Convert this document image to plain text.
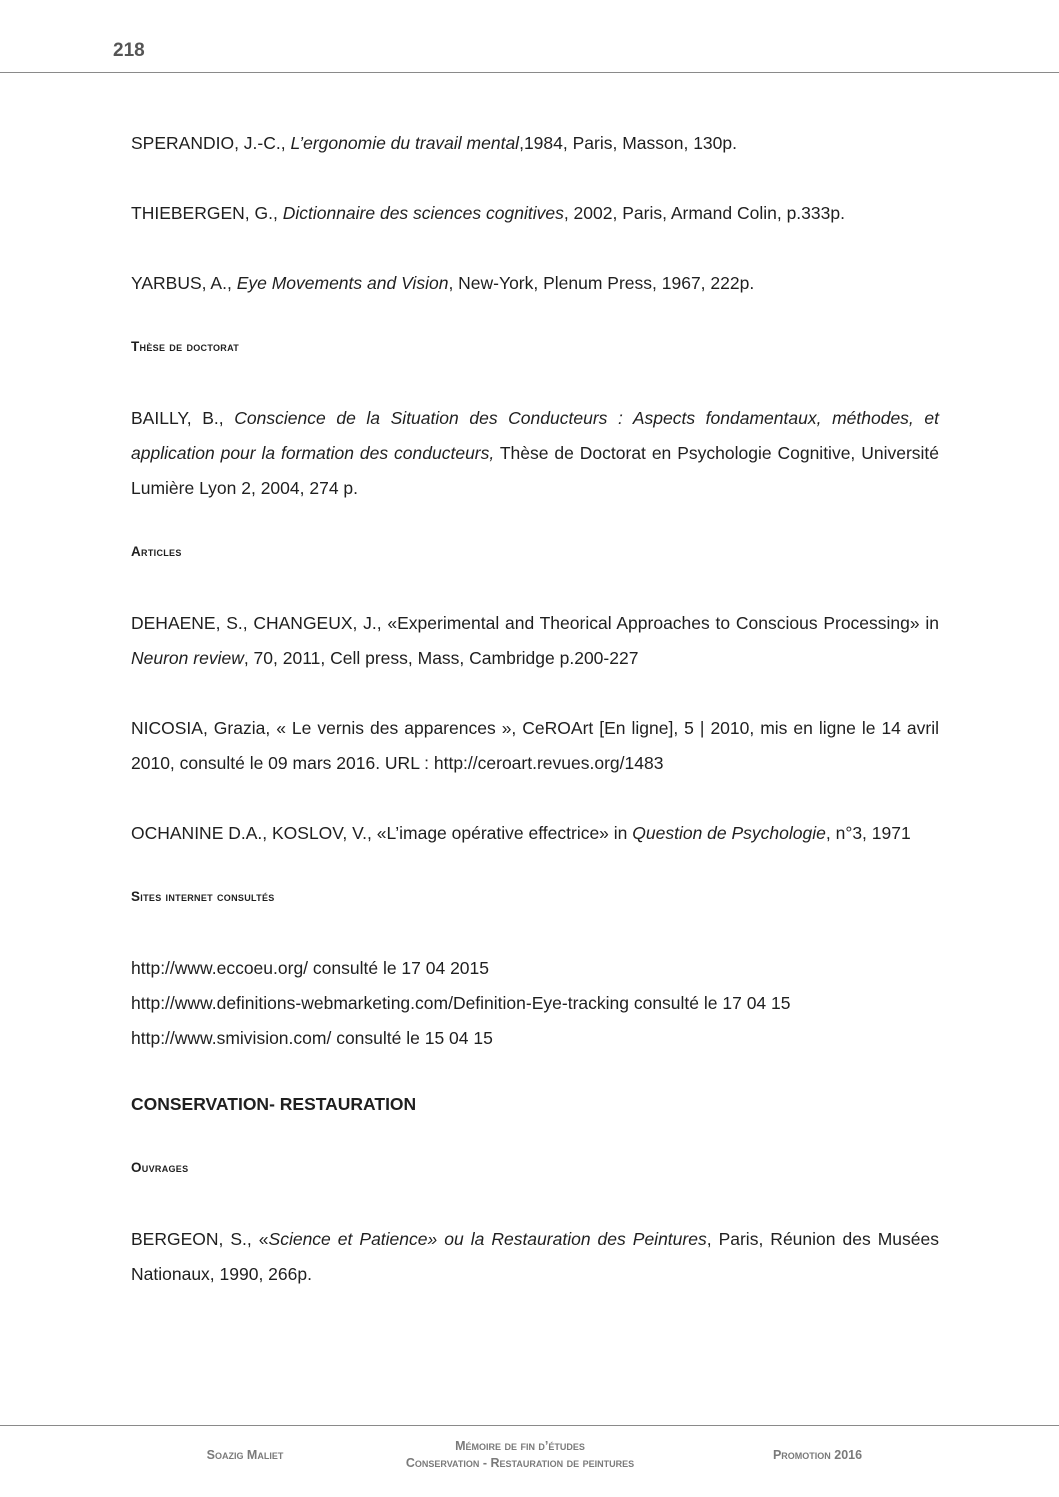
218

SPERANDIO, J.-C., L’ergonomie du travail mental,1984, Paris, Masson, 130p.

THIEBERGEN, G., Dictionnaire des sciences cognitives, 2002, Paris, Armand Colin, p.333p.

YARBUS, A., Eye Movements and Vision, New-York, Plenum Press, 1967, 222p.

Thèse de doctorat

BAILLY, B., Conscience de la Situation des Conducteurs : Aspects fondamentaux, méthodes, et application pour la formation des conducteurs, Thèse de Doctorat en Psychologie Cognitive, Université Lumière Lyon 2, 2004, 274 p.

Articles

DEHAENE, S., CHANGEUX, J., «Experimental and Theorical Approaches to Conscious Processing» in Neuron review, 70, 2011, Cell press, Mass, Cambridge p.200-227

NICOSIA, Grazia, « Le vernis des apparences », CeROArt [En ligne], 5 | 2010, mis en ligne le 14 avril 2010, consulté le 09 mars 2016. URL : http://ceroart.revues.org/1483

OCHANINE D.A., KOSLOV, V., «L’image opérative effectrice» in Question de Psychologie, n°3, 1971

Sites internet consultés
http://www.eccoeu.org/ consulté le 17 04 2015
http://www.definitions-webmarketing.com/Definition-Eye-tracking consulté le 17 04 15
http://www.smivision.com/ consulté le 15 04 15
CONSERVATION- RESTAURATION
Ouvrages

BERGEON, S., «Science et Patience» ou la Restauration des Peintures, Paris, Réunion des Musées Nationaux, 1990, 266p.

Soazig Maliet
Mémoire de fin d’études
Conservation - Restauration de peintures
Promotion 2016
